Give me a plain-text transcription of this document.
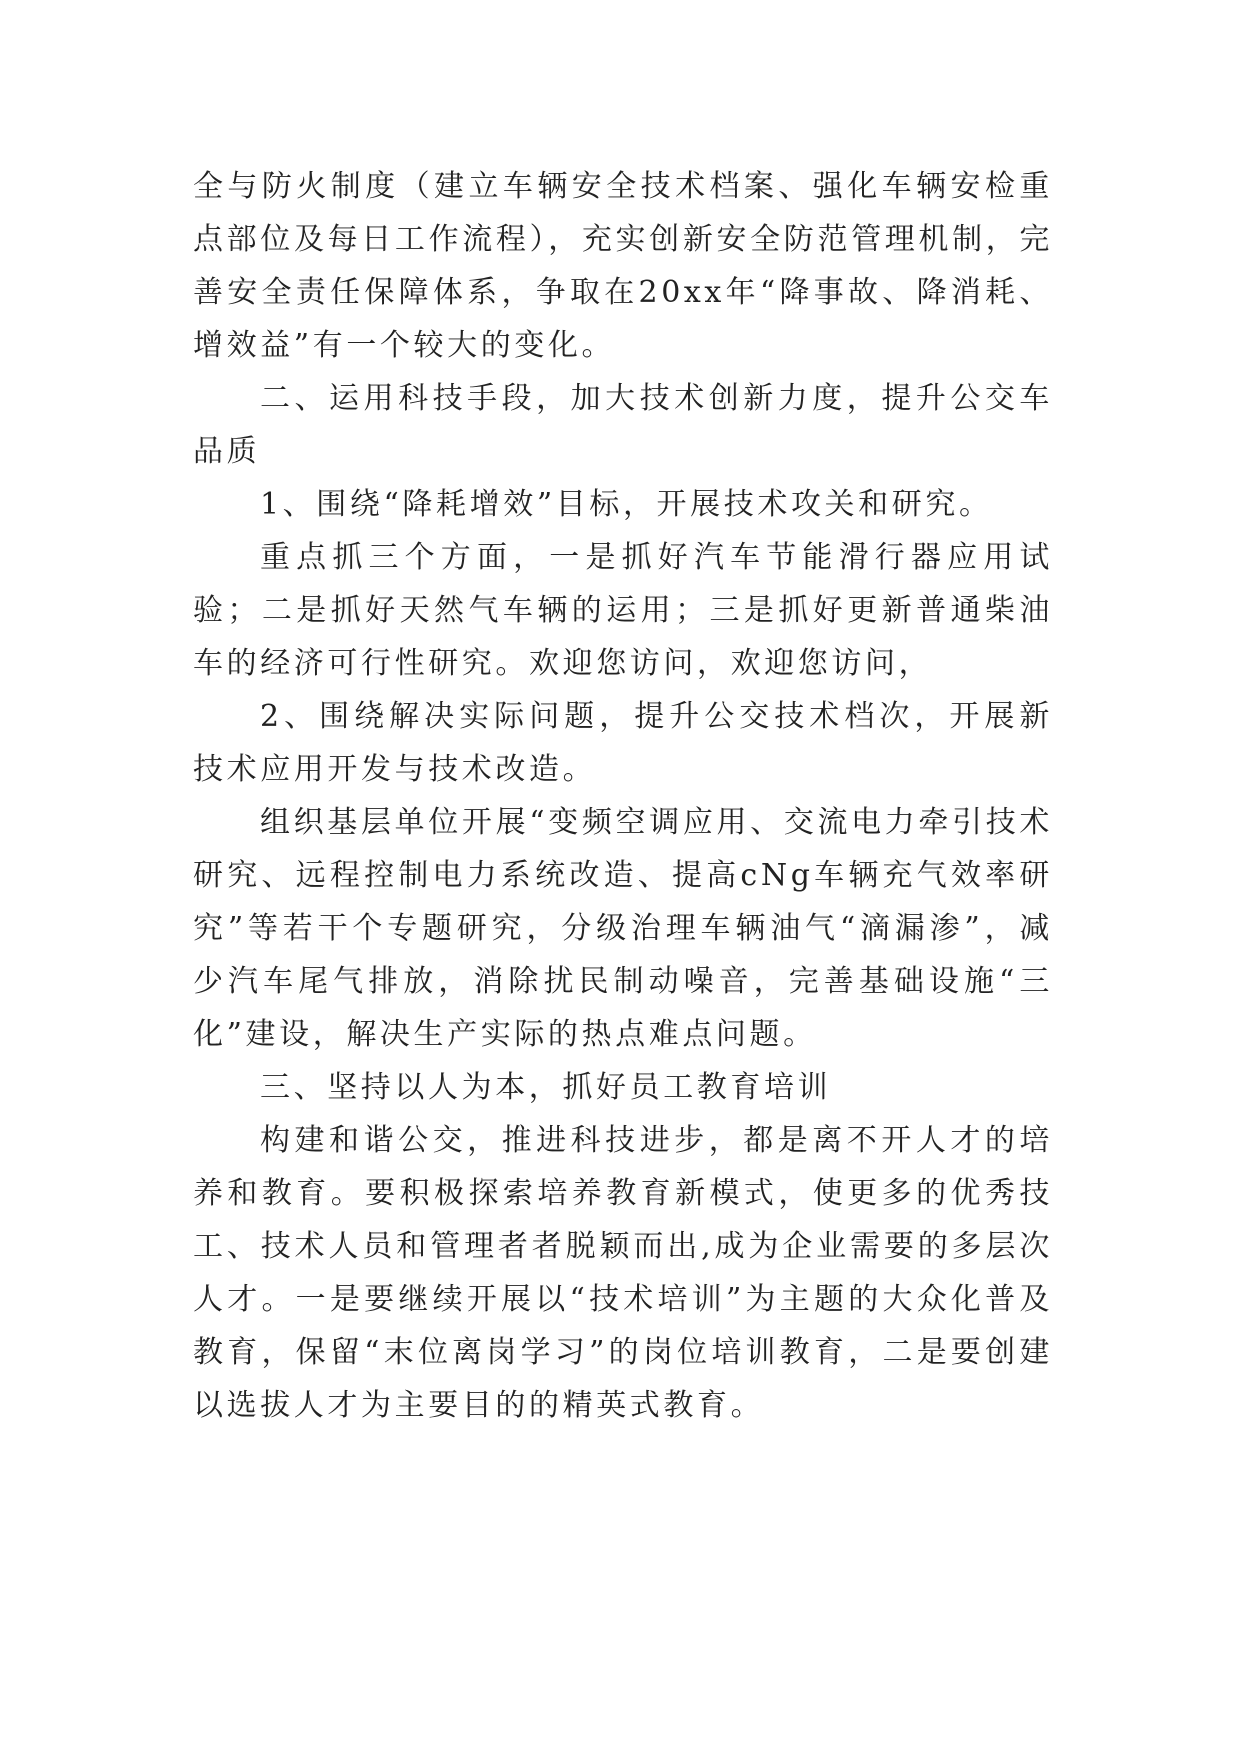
全与防火制度（建立车辆安全技术档案、强化车辆安检重点部位及每日工作流程），充实创新安全防范管理机制，完善安全责任保障体系，争取在20xx年“降事故、降消耗、增效益”有一个较大的变化。

二、运用科技手段，加大技术创新力度，提升公交车品质

1、围绕“降耗增效”目标，开展技术攻关和研究。

重点抓三个方面，一是抓好汽车节能滑行器应用试验；二是抓好天然气车辆的运用；三是抓好更新普通柴油车的经济可行性研究。欢迎您访问，欢迎您访问，

2、围绕解决实际问题，提升公交技术档次，开展新技术应用开发与技术改造。

组织基层单位开展“变频空调应用、交流电力牵引技术研究、远程控制电力系统改造、提高cNg车辆充气效率研究”等若干个专题研究，分级治理车辆油气“滴漏渗”，减少汽车尾气排放，消除扰民制动噪音，完善基础设施“三化”建设，解决生产实际的热点难点问题。

三、坚持以人为本，抓好员工教育培训

构建和谐公交，推进科技进步，都是离不开人才的培养和教育。要积极探索培养教育新模式，使更多的优秀技工、技术人员和管理者者脱颖而出,成为企业需要的多层次人才。一是要继续开展以“技术培训”为主题的大众化普及教育，保留“末位离岗学习”的岗位培训教育，二是要创建以选拔人才为主要目的的精英式教育。
